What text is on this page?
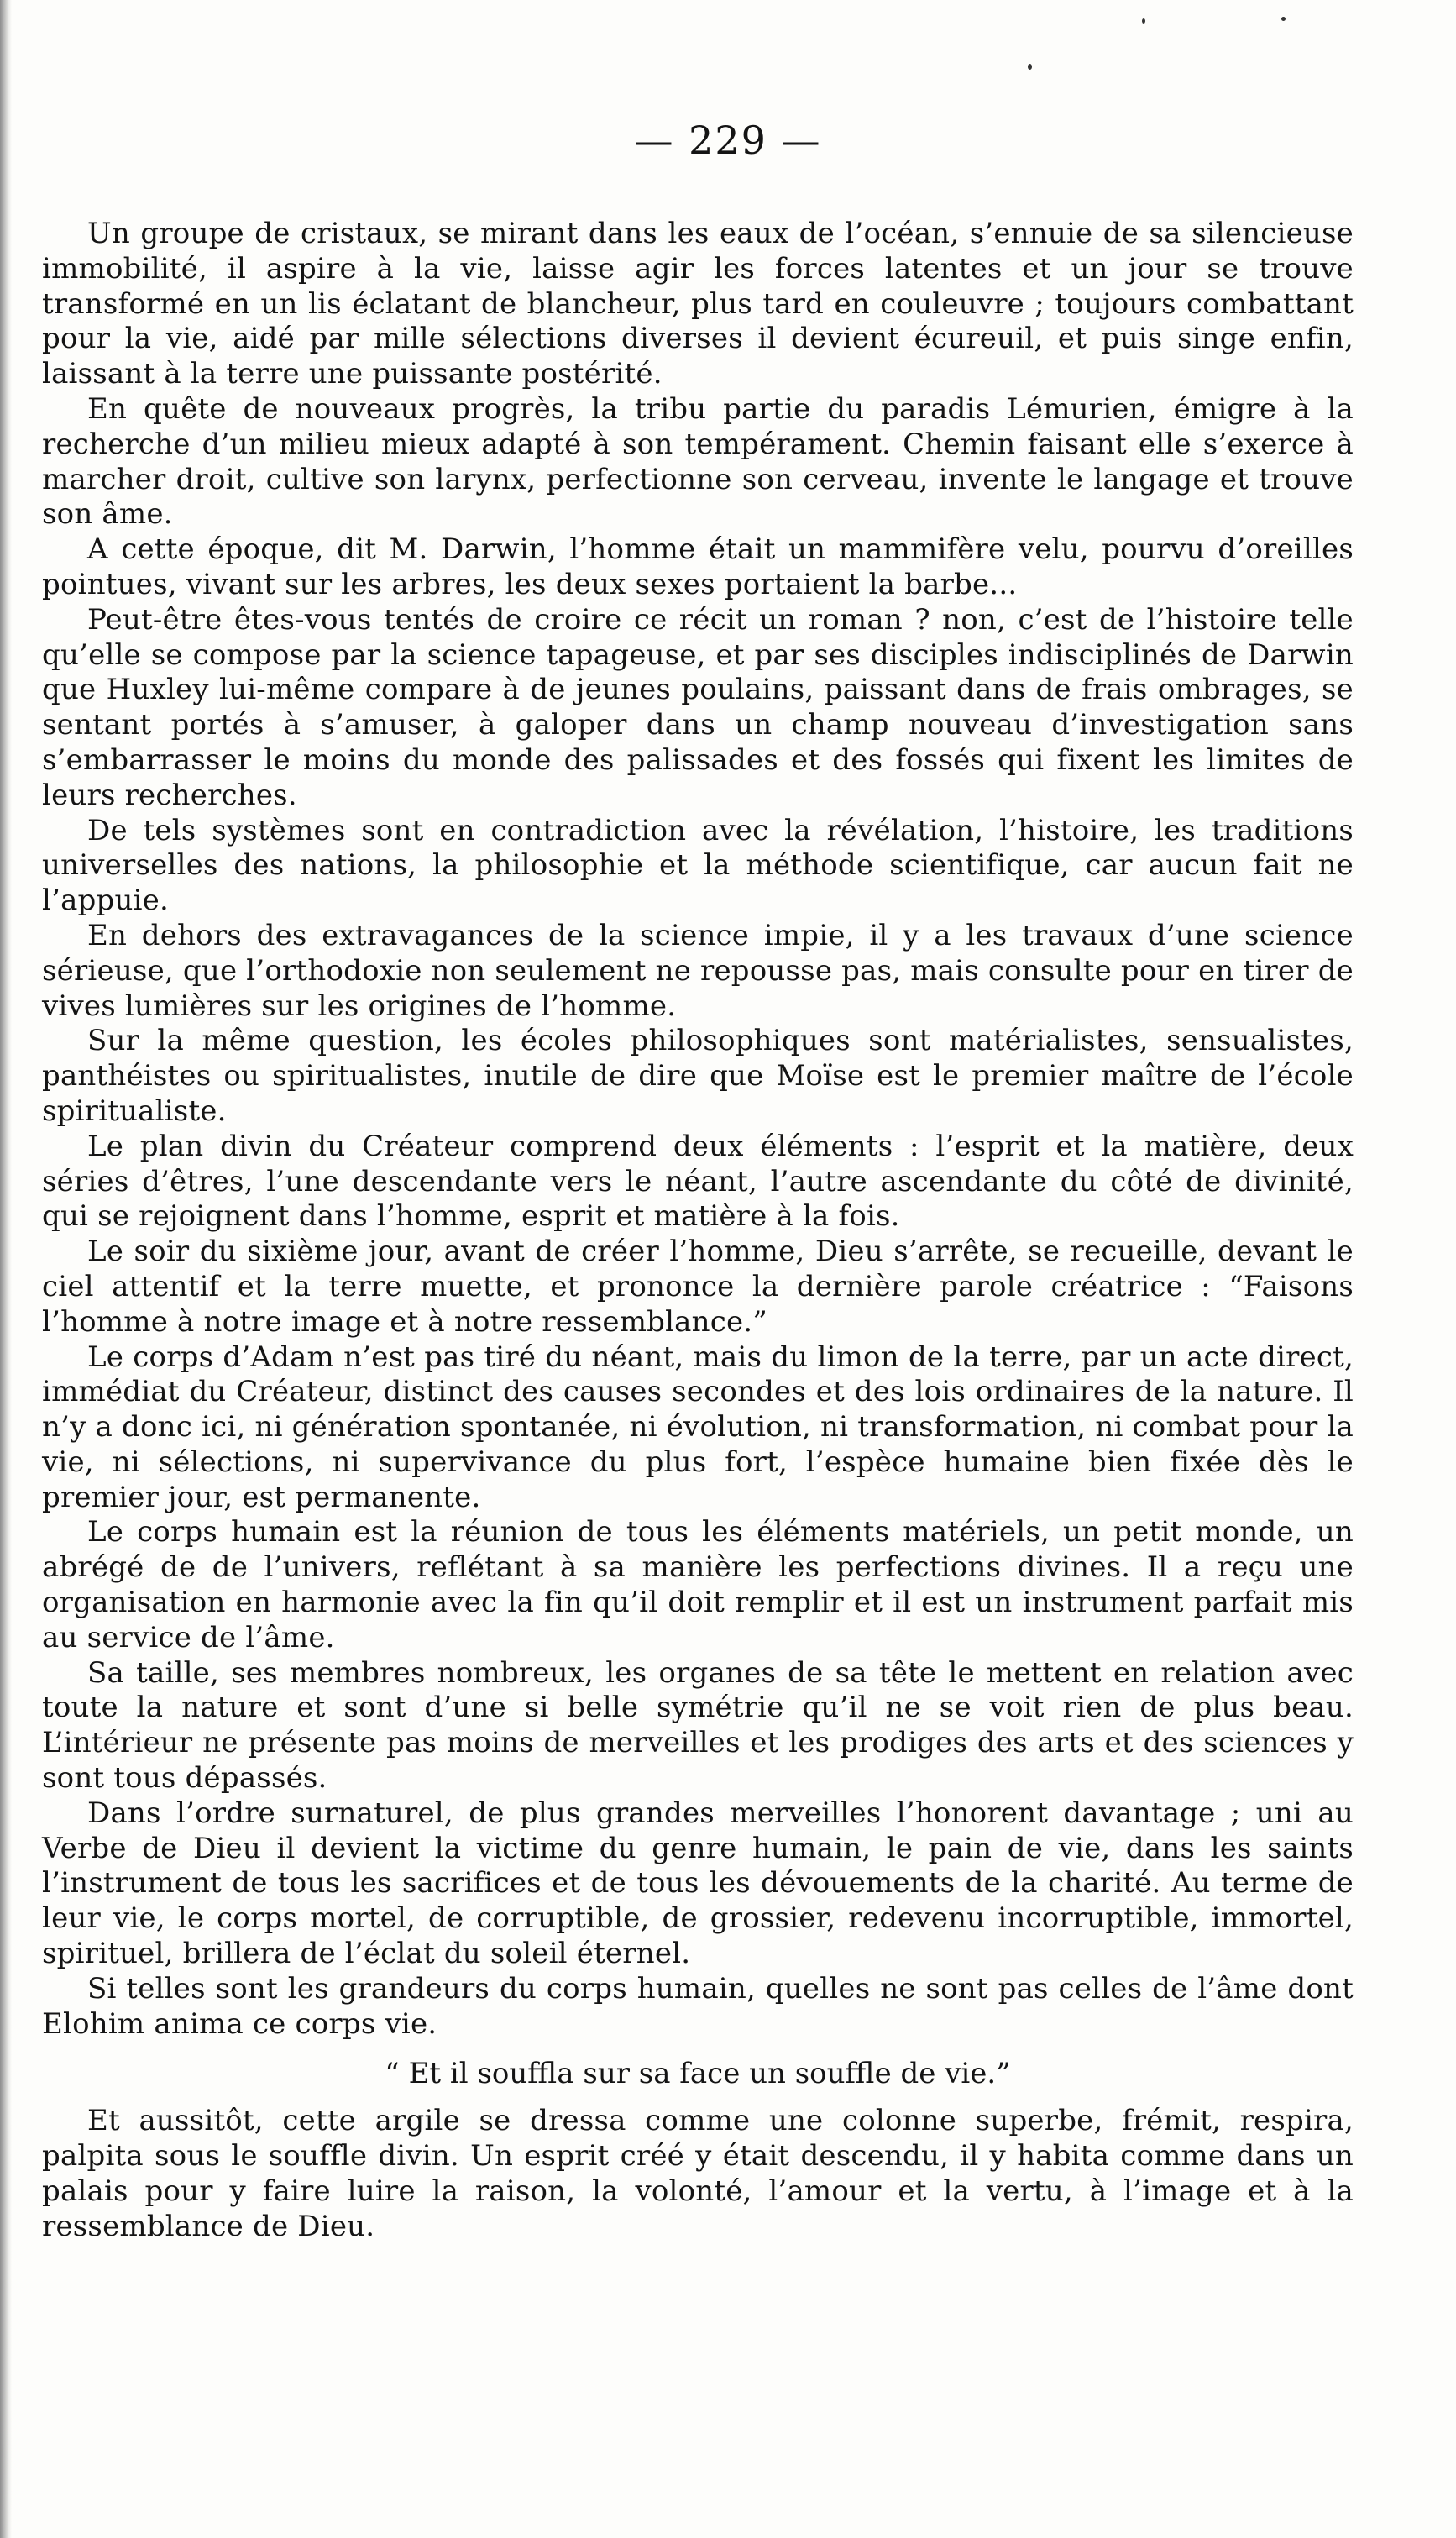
— 229 —

Un groupe de cristaux, se mirant dans les eaux de l’océan, s’ennuie de sa silencieuse immobilité, il aspire à la vie, laisse agir les forces latentes et un jour se trouve transformé en un lis éclatant de blancheur, plus tard en couleuvre ; toujours combattant pour la vie, aidé par mille sélections diverses il devient écureuil, et puis singe enfin, laissant à la terre une puissante postérité.

En quête de nouveaux progrès, la tribu partie du paradis Lémurien, émigre à la recherche d’un milieu mieux adapté à son tempérament. Chemin faisant elle s’exerce à marcher droit, cultive son larynx, perfectionne son cerveau, invente le langage et trouve son âme.

A cette époque, dit M. Darwin, l’homme était un mammifère velu, pourvu d’oreilles pointues, vivant sur les arbres, les deux sexes portaient la barbe...

Peut-être êtes-vous tentés de croire ce récit un roman ? non, c’est de l’histoire telle qu’elle se compose par la science tapageuse, et par ses disciples indisciplinés de Darwin que Huxley lui-même compare à de jeunes poulains, paissant dans de frais ombrages, se sentant portés à s’amuser, à galoper dans un champ nouveau d’investigation sans s’embarrasser le moins du monde des palissades et des fossés qui fixent les limites de leurs recherches.

De tels systèmes sont en contradiction avec la révélation, l’histoire, les traditions universelles des nations, la philosophie et la méthode scientifique, car aucun fait ne l’appuie.

En dehors des extravagances de la science impie, il y a les travaux d’une science sérieuse, que l’orthodoxie non seulement ne repousse pas, mais consulte pour en tirer de vives lumières sur les origines de l’homme.

Sur la même question, les écoles philosophiques sont matérialistes, sensualistes, panthéistes ou spiritualistes, inutile de dire que Moïse est le premier maître de l’école spiritualiste.

Le plan divin du Créateur comprend deux éléments : l’esprit et la matière, deux séries d’êtres, l’une descendante vers le néant, l’autre ascendante du côté de divinité, qui se rejoignent dans l’homme, esprit et matière à la fois.

Le soir du sixième jour, avant de créer l’homme, Dieu s’arrête, se recueille, devant le ciel attentif et la terre muette, et prononce la dernière parole créatrice : “Faisons l’homme à notre image et à notre ressemblance.”

Le corps d’Adam n’est pas tiré du néant, mais du limon de la terre, par un acte direct, immédiat du Créateur, distinct des causes secondes et des lois ordinaires de la nature. Il n’y a donc ici, ni génération spontanée, ni évolution, ni transformation, ni combat pour la vie, ni sélections, ni supervivance du plus fort, l’espèce humaine bien fixée dès le premier jour, est permanente.

Le corps humain est la réunion de tous les éléments matériels, un petit monde, un abrégé de de l’univers, reflétant à sa manière les perfections divines. Il a reçu une organisation en harmonie avec la fin qu’il doit remplir et il est un instrument parfait mis au service de l’âme.

Sa taille, ses membres nombreux, les organes de sa tête le mettent en relation avec toute la nature et sont d’une si belle symétrie qu’il ne se voit rien de plus beau. L’intérieur ne présente pas moins de merveilles et les prodiges des arts et des sciences y sont tous dépassés.

Dans l’ordre surnaturel, de plus grandes merveilles l’honorent davantage ; uni au Verbe de Dieu il devient la victime du genre humain, le pain de vie, dans les saints l’instrument de tous les sacrifices et de tous les dévouements de la charité. Au terme de leur vie, le corps mortel, de corruptible, de grossier, redevenu incorruptible, immortel, spirituel, brillera de l’éclat du soleil éternel.

Si telles sont les grandeurs du corps humain, quelles ne sont pas celles de l’âme dont Elohim anima ce corps vie.

“ Et il souffla sur sa face un souffle de vie.”

Et aussitôt, cette argile se dressa comme une colonne superbe, frémit, respira, palpita sous le souffle divin. Un esprit créé y était descendu, il y habita comme dans un palais pour y faire luire la raison, la volonté, l’amour et la vertu, à l’image et à la ressemblance de Dieu.
